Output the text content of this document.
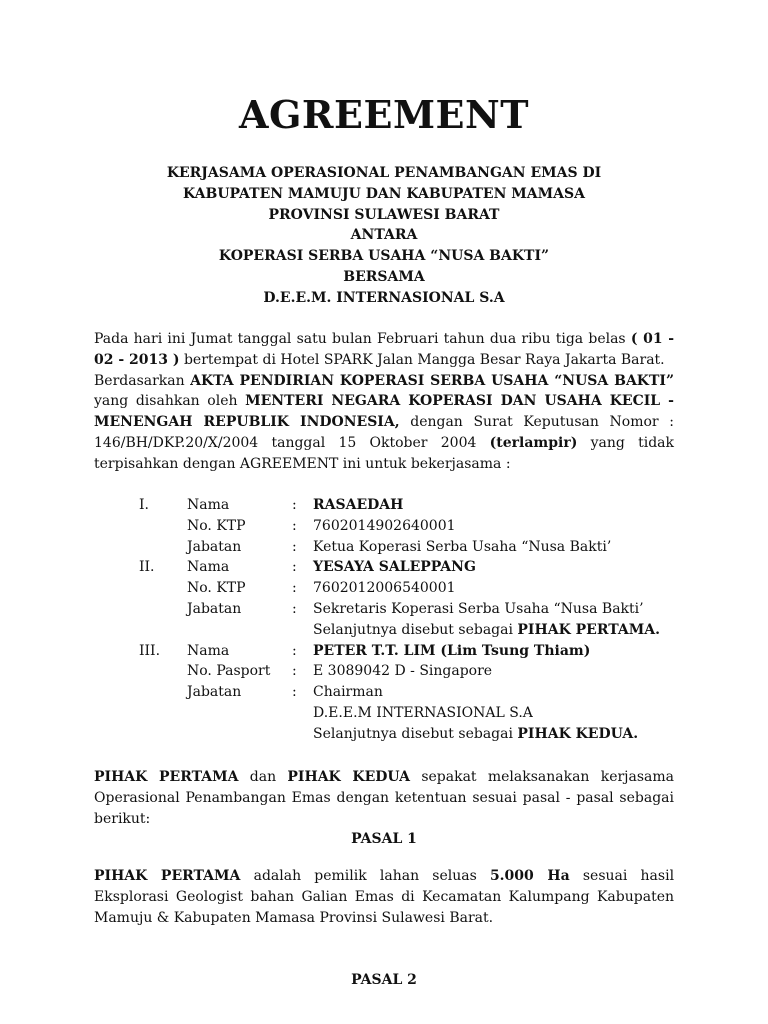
AGREEMENT
KERJASAMA OPERASIONAL PENAMBANGAN EMAS DI
KABUPATEN MAMUJU DAN KABUPATEN MAMASA
PROVINSI SULAWESI BARAT
ANTARA
KOPERASI SERBA USAHA “NUSA BAKTI”
BERSAMA
D.E.E.M. INTERNASIONAL S.A
Pada hari ini Jumat tanggal satu bulan Februari tahun dua ribu tiga belas ( 01 - 02 - 2013 ) bertempat di Hotel SPARK Jalan Mangga Besar Raya Jakarta Barat.
Berdasarkan AKTA PENDIRIAN KOPERASI SERBA USAHA “NUSA BAKTI” yang disahkan oleh MENTERI NEGARA KOPERASI DAN USAHA KECIL - MENENGAH REPUBLIK INDONESIA, dengan Surat Keputusan Nomor : 146/BH/DKP.20/X/2004 tanggal 15 Oktober 2004 (terlampir) yang tidak terpisahkan dengan AGREEMENT ini untuk bekerjasama :
I.	Nama	: RASAEDAH
No. KTP	: 7602014902640001
Jabatan	: Ketua Koperasi Serba Usaha “Nusa Bakti’
II. Nama	: YESAYA SALEPPANG
No. KTP	: 7602012006540001
Jabatan	: Sekretaris Koperasi Serba Usaha “Nusa Bakti’
Selanjutnya disebut sebagai PIHAK PERTAMA.
III. Nama	: PETER T.T. LIM (Lim Tsung Thiam)
No. Pasport : E 3089042 D - Singapore
Jabatan	: Chairman
D.E.E.M INTERNASIONAL S.A
Selanjutnya disebut sebagai PIHAK KEDUA.
PIHAK PERTAMA dan PIHAK KEDUA sepakat melaksanakan kerjasama Operasional Penambangan Emas dengan ketentuan sesuai pasal - pasal sebagai berikut:
PASAL 1
PIHAK PERTAMA adalah pemilik lahan seluas 5.000 Ha sesuai hasil Eksplorasi Geologist bahan Galian Emas di Kecamatan Kalumpang Kabupaten Mamuju & Kabupaten Mamasa Provinsi Sulawesi Barat.
PASAL 2
